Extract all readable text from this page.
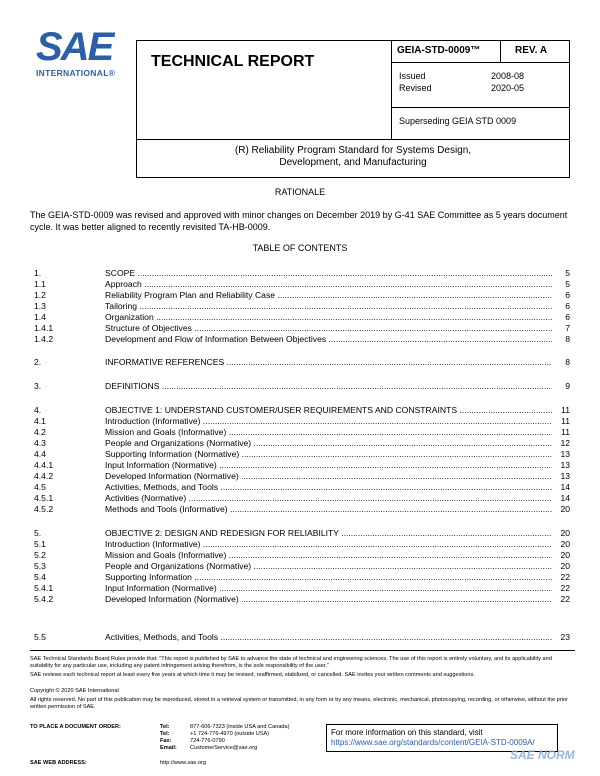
SAE
INTERNATIONAL®
TECHNICAL REPORT
GEIA-STD-0009™	REV. A
Issued	2008-08
Revised	2020-05
Superseding GEIA STD 0009
(R) Reliability Program Standard for Systems Design,
Development, and Manufacturing
RATIONALE
The GEIA-STD-0009 was revised and approved with minor changes on December 2019 by G-41 SAE Committee as 5 years document cycle. It was better aligned to recently revisited TA-HB-0009.
TABLE OF CONTENTS
1.	SCOPE .....	5
1.1	Approach .....	5
1.2	Reliability Program Plan and Reliability Case .....	6
1.3	Tailoring .....	6
1.4	Organization .....	6
1.4.1	Structure of Objectives .....	7
1.4.2	Development and Flow of Information Between Objectives .....	8
2.	INFORMATIVE REFERENCES .....	8
3.	DEFINITIONS .....	9
4.	OBJECTIVE 1: UNDERSTAND CUSTOMER/USER REQUIREMENTS AND CONSTRAINTS .....	11
4.1	Introduction (Informative) .....	11
4.2	Mission and Goals (Informative) .....	11
4.3	People and Organizations (Normative) .....	12
4.4	Supporting Information (Normative) .....	13
4.4.1	Input Information (Normative) .....	13
4.4.2	Developed Information (Normative) .....	13
4.5	Activities, Methods, and Tools .....	14
4.5.1	Activities (Normative) .....	14
4.5.2	Methods and Tools (Informative) .....	20
5.	OBJECTIVE 2: DESIGN AND REDESIGN FOR RELIABILITY .....	20
5.1	Introduction (Informative) .....	20
5.2	Mission and Goals (Informative) .....	20
5.3	People and Organizations (Normative) .....	20
5.4	Supporting Information .....	22
5.4.1	Input Information (Normative) .....	22
5.4.2	Developed Information (Normative) .....	22
5.5	Activities, Methods, and Tools .....	23
SAE Technical Standards Board Rules provide that: "This report is published by SAE to advance the state of technical and engineering sciences. The use of this report is entirely voluntary, and its applicability and suitability for any particular use, including any patent infringement arising therefrom, is the sole responsibility of the user."
SAE reviews each technical report at least every five years at which time it may be revised, reaffirmed, stabilized, or cancelled. SAE invites your written comments and suggestions.
Copyright © 2020 SAE International
All rights reserved. No part of this publication may be reproduced, stored in a retrieval system or transmitted, in any form or by any means, electronic, mechanical, photocopying, recording, or otherwise, without the prior written permission of SAE.
TO PLACE A DOCUMENT ORDER:	Tel:	877-606-7323 (inside USA and Canada)
Tel:	+1 724-776-4970 (outside USA)
Fax:	724-776-0790
Email:	CustomerService@sae.org
SAE WEB ADDRESS:	http://www.sae.org
For more information on this standard, visit
https://www.sae.org/standards/content/GEIA-STD-0009A/
SAE NORM
